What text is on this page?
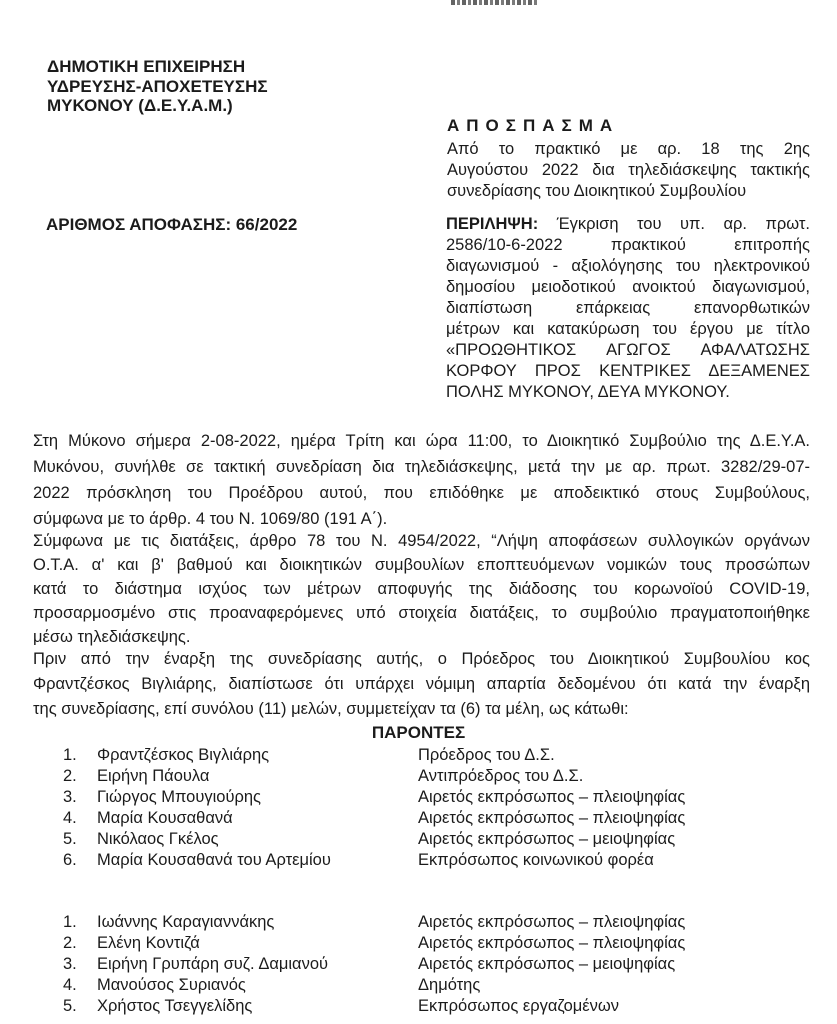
ΔΗΜΟΤΙΚΗ ΕΠΙΧΕΙΡΗΣΗ
ΥΔΡΕΥΣΗΣ-ΑΠΟΧΕΤΕΥΣΗΣ
ΜΥΚΟΝΟΥ (Δ.Ε.Υ.Α.Μ.)
ΑΠΟΣΠΑΣΜΑ
Από το πρακτικό με αρ. 18 της 2ης
Αυγούστου 2022 δια τηλεδιάσκεψης τακτικής
συνεδρίασης του Διοικητικού Συμβουλίου
ΑΡΙΘΜΟΣ ΑΠΟΦΑΣΗΣ: 66/2022	ΠΕΡΙΛΗΨΗ: Έγκριση του υπ. αρ. πρωτ.
2586/10-6-2022 πρακτικού επιτροπής
διαγωνισμού - αξιολόγησης του ηλεκτρονικού
δημοσίου μειοδοτικού ανοικτού διαγωνισμού,
διαπίστωση επάρκειας επανορθωτικών
μέτρων και κατακύρωση του έργου με τίτλο
«ΠΡΟΩΘΗΤΙΚΟΣ ΑΓΩΓΟΣ ΑΦΑΛΑΤΩΣΗΣ
ΚΟΡΦΟΥ ΠΡΟΣ ΚΕΝΤΡΙΚΕΣ ΔΕΞΑΜΕΝΕΣ
ΠΟΛΗΣ ΜΥΚΟΝΟΥ, ΔΕΥΑ ΜΥΚΟΝΟΥ.
Στη Μύκονο σήμερα 2-08-2022, ημέρα Τρίτη και ώρα 11:00, το Διοικητικό Συμβούλιο της Δ.Ε.Υ.Α.
Μυκόνου, συνήλθε σε τακτική συνεδρίαση δια τηλεδιάσκεψης, μετά την με αρ. πρωτ. 3282/29-07-
2022 πρόσκληση του Προέδρου αυτού, που επιδόθηκε με αποδεικτικό στους Συμβούλους,
σύμφωνα με το άρθρ. 4 του Ν. 1069/80 (191 Α΄).
Σύμφωνα με τις διατάξεις, άρθρο 78 του Ν. 4954/2022, “Λήψη αποφάσεων συλλογικών οργάνων
Ο.Τ.Α. α' και β' βαθμού και διοικητικών συμβουλίων εποπτευόμενων νομικών τους προσώπων
κατά το διάστημα ισχύος των μέτρων αποφυγής της διάδοσης του κορωνοϊού COVID-19,
προσαρμοσμένο στις προαναφερόμενες υπό στοιχεία διατάξεις, το συμβούλιο πραγματοποιήθηκε
μέσω τηλεδιάσκεψης.
Πριν από την έναρξη της συνεδρίασης αυτής, ο Πρόεδρος του Διοικητικού Συμβουλίου κος
Φραντζέσκος Βιγλιάρης, διαπίστωσε ότι υπάρχει νόμιμη απαρτία δεδομένου ότι κατά την έναρξη
της συνεδρίασης, επί συνόλου (11) μελών, συμμετείχαν τα (6) τα μέλη, ως κάτωθι:
ΠΑΡΟΝΤΕΣ
1.	Φραντζέσκος Βιγλιάρης	Πρόεδρος του Δ.Σ.
2.	Ειρήνη Πάουλα	Αντιπρόεδρος του Δ.Σ.
3.	Γιώργος Μπουγιούρης	Αιρετός εκπρόσωπος – πλειοψηφίας
4.	Μαρία Κουσαθανά	Αιρετός εκπρόσωπος – πλειοψηφίας
5.	Νικόλαος Γκέλος	Αιρετός εκπρόσωπος – μειοψηφίας
6.	Μαρία Κουσαθανά του Αρτεμίου	Εκπρόσωπος κοινωνικού φορέα
1.	Ιωάννης Καραγιαννάκης	Αιρετός εκπρόσωπος – πλειοψηφίας
2.	Ελένη Κοντιζά	Αιρετός εκπρόσωπος – πλειοψηφίας
3.	Ειρήνη Γρυπάρη συζ. Δαμιανού	Αιρετός εκπρόσωπος – μειοψηφίας
4.	Μανούσος Συριανός	Δημότης
5.	Χρήστος Τσεγγελίδης	Εκπρόσωπος εργαζομένων
